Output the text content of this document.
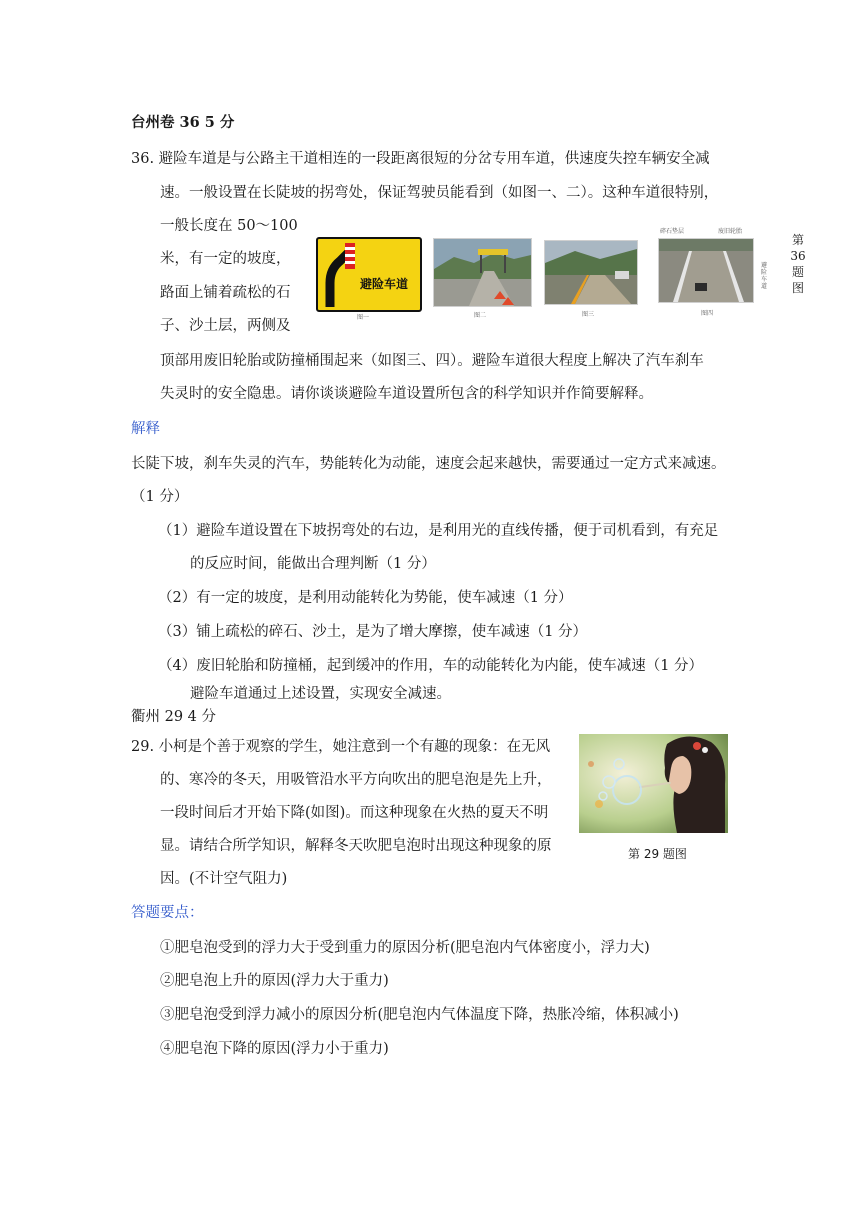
台州卷 36 5 分
36. 避险车道是与公路主干道相连的一段距离很短的分岔专用车道，供速度失控车辆安全减
速。一般设置在长陡坡的拐弯处，保证驾驶员能看到（如图一、二）。这种车道很特别，
一般长度在 50～100
米，有一定的坡度，
路面上铺着疏松的石
子、沙土层，两侧及
顶部用废旧轮胎或防撞桶围起来（如图三、四）。避险车道很大程度上解决了汽车刹车
失灵时的安全隐患。请你谈谈避险车道设置所包含的科学知识并作简要解释。
避险车道
图一	图二	图三
碎石垫层	废旧轮胎
避险车道
图四
第 36 题图
解释
长陡下坡，刹车失灵的汽车，势能转化为动能，速度会起来越快，需要通过一定方式来减速。
（1 分）
（1）避险车道设置在下坡拐弯处的右边，是利用光的直线传播，便于司机看到，有充足
的反应时间，能做出合理判断（1 分）
（2）有一定的坡度，是利用动能转化为势能，使车减速（1 分）
（3）铺上疏松的碎石、沙土，是为了增大摩擦，使车减速（1 分）
（4）废旧轮胎和防撞桶，起到缓冲的作用，车的动能转化为内能，使车减速（1 分）
避险车道通过上述设置，实现安全减速。
衢州 29 4 分
29. 小柯是个善于观察的学生，她注意到一个有趣的现象：在无风
的、寒冷的冬天，用吸管沿水平方向吹出的肥皂泡是先上升，
一段时间后才开始下降(如图)。而这种现象在火热的夏天不明
显。请结合所学知识，解释冬天吹肥皂泡时出现这种现象的原
因。(不计空气阻力)
第 29 题图
答题要点：
①肥皂泡受到的浮力大于受到重力的原因分析(肥皂泡内气体密度小，浮力大)
②肥皂泡上升的原因(浮力大于重力)
③肥皂泡受到浮力减小的原因分析(肥皂泡内气体温度下降，热胀冷缩，体积减小)
④肥皂泡下降的原因(浮力小于重力)
